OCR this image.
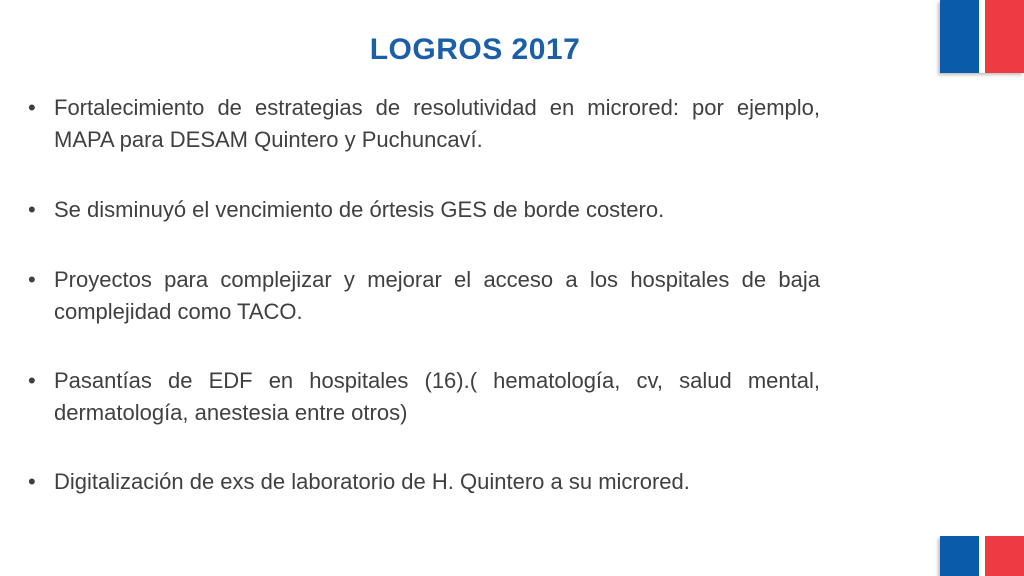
LOGROS 2017
• Fortalecimiento de estrategias de resolutividad en microred: por ejemplo, MAPA para DESAM Quintero y Puchuncaví.
• Se disminuyó el vencimiento de órtesis GES de borde costero.
• Proyectos para complejizar y mejorar el acceso a los hospitales de baja complejidad como TACO.
• Pasantías de EDF en hospitales (16).( hematología, cv, salud mental, dermatología, anestesia entre otros)
• Digitalización de exs de laboratorio de H. Quintero a su microred.
